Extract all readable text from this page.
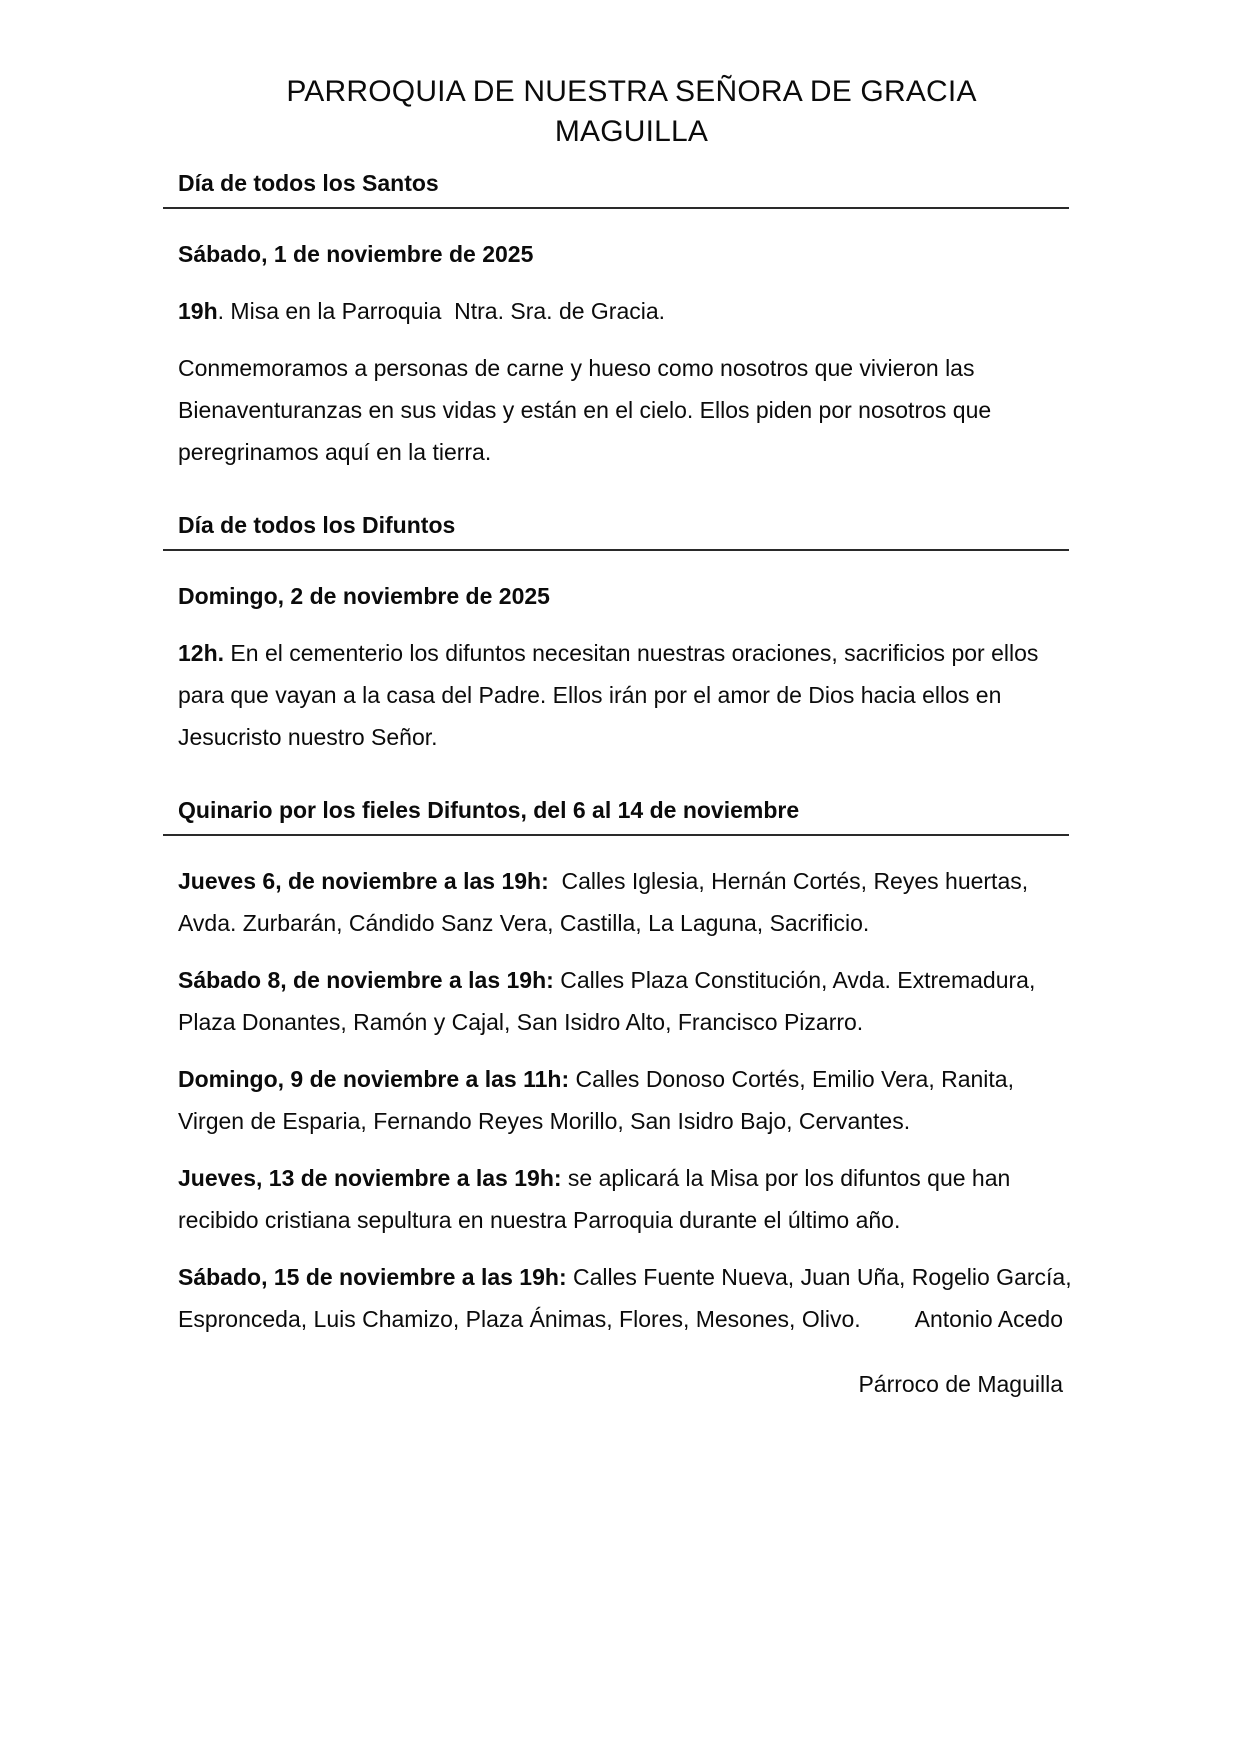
PARROQUIA DE NUESTRA SEÑORA DE GRACIA
MAGUILLA
Día de todos los Santos

Sábado, 1 de noviembre de 2025

19h. Misa en la Parroquia  Ntra. Sra. de Gracia.

Conmemoramos a personas de carne y hueso como nosotros que vivieron las Bienaventuranzas en sus vidas y están en el cielo. Ellos piden por nosotros que peregrinamos aquí en la tierra.

Día de todos los Difuntos

Domingo, 2 de noviembre de 2025

12h. En el cementerio los difuntos necesitan nuestras oraciones, sacrificios por ellos para que vayan a la casa del Padre. Ellos irán por el amor de Dios hacia ellos en Jesucristo nuestro Señor.

Quinario por los fieles Difuntos, del 6 al 14 de noviembre

Jueves 6, de noviembre a las 19h:  Calles Iglesia, Hernán Cortés, Reyes huertas, Avda. Zurbarán, Cándido Sanz Vera, Castilla, La Laguna, Sacrificio.

Sábado 8, de noviembre a las 19h: Calles Plaza Constitución, Avda. Extremadura, Plaza Donantes, Ramón y Cajal, San Isidro Alto, Francisco Pizarro.

Domingo, 9 de noviembre a las 11h: Calles Donoso Cortés, Emilio Vera, Ranita, Virgen de Esparia, Fernando Reyes Morillo, San Isidro Bajo, Cervantes.

Jueves, 13 de noviembre a las 19h: se aplicará la Misa por los difuntos que han recibido cristiana sepultura en nuestra Parroquia durante el último año.

Sábado, 15 de noviembre a las 19h: Calles Fuente Nueva, Juan Uña, Rogelio García, Espronceda, Luis Chamizo, Plaza Ánimas, Flores, Mesones, Olivo. Antonio Acedo

Párroco de Maguilla
